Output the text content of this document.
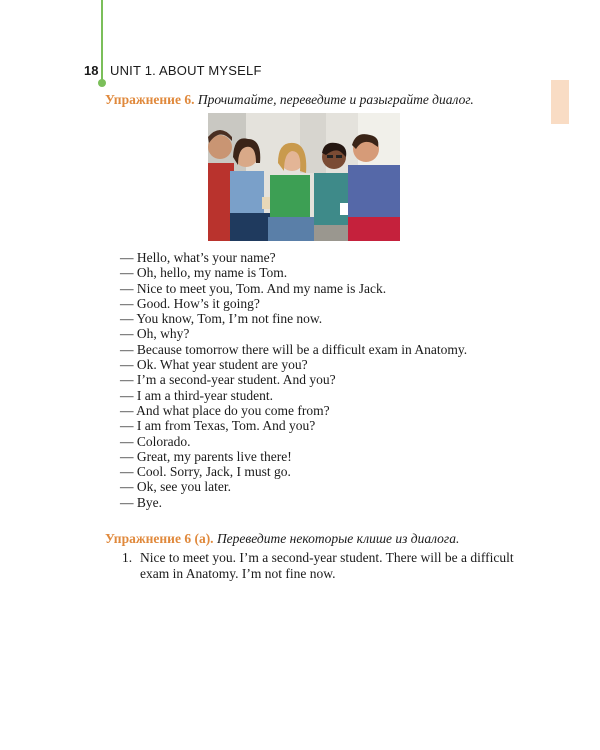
18 UNIT 1. ABOUT MYSELF
Упражнение 6. Прочитайте, переведите и разыграйте диалог.
— Hello, what’s your name?
— Oh, hello, my name is Tom.
— Nice to meet you, Tom. And my name is Jack.
— Good. How’s it going?
— You know, Tom, I’m not fine now.
— Oh, why?
— Because tomorrow there will be a difficult exam in Anatomy.
— Ok. What year student are you?
— I’m a second-year student. And you?
— I am a third-year student.
— And what place do you come from?
— I am from Texas, Tom. And you?
— Colorado.
— Great, my parents live there!
— Cool. Sorry, Jack, I must go.
— Ok, see you later.
— Bye.
Упражнение 6 (а). Переведите некоторые клише из диалога.
1. Nice to meet you. I’m a second-year student. There will be a difficult exam in Anatomy. I’m not fine now.
